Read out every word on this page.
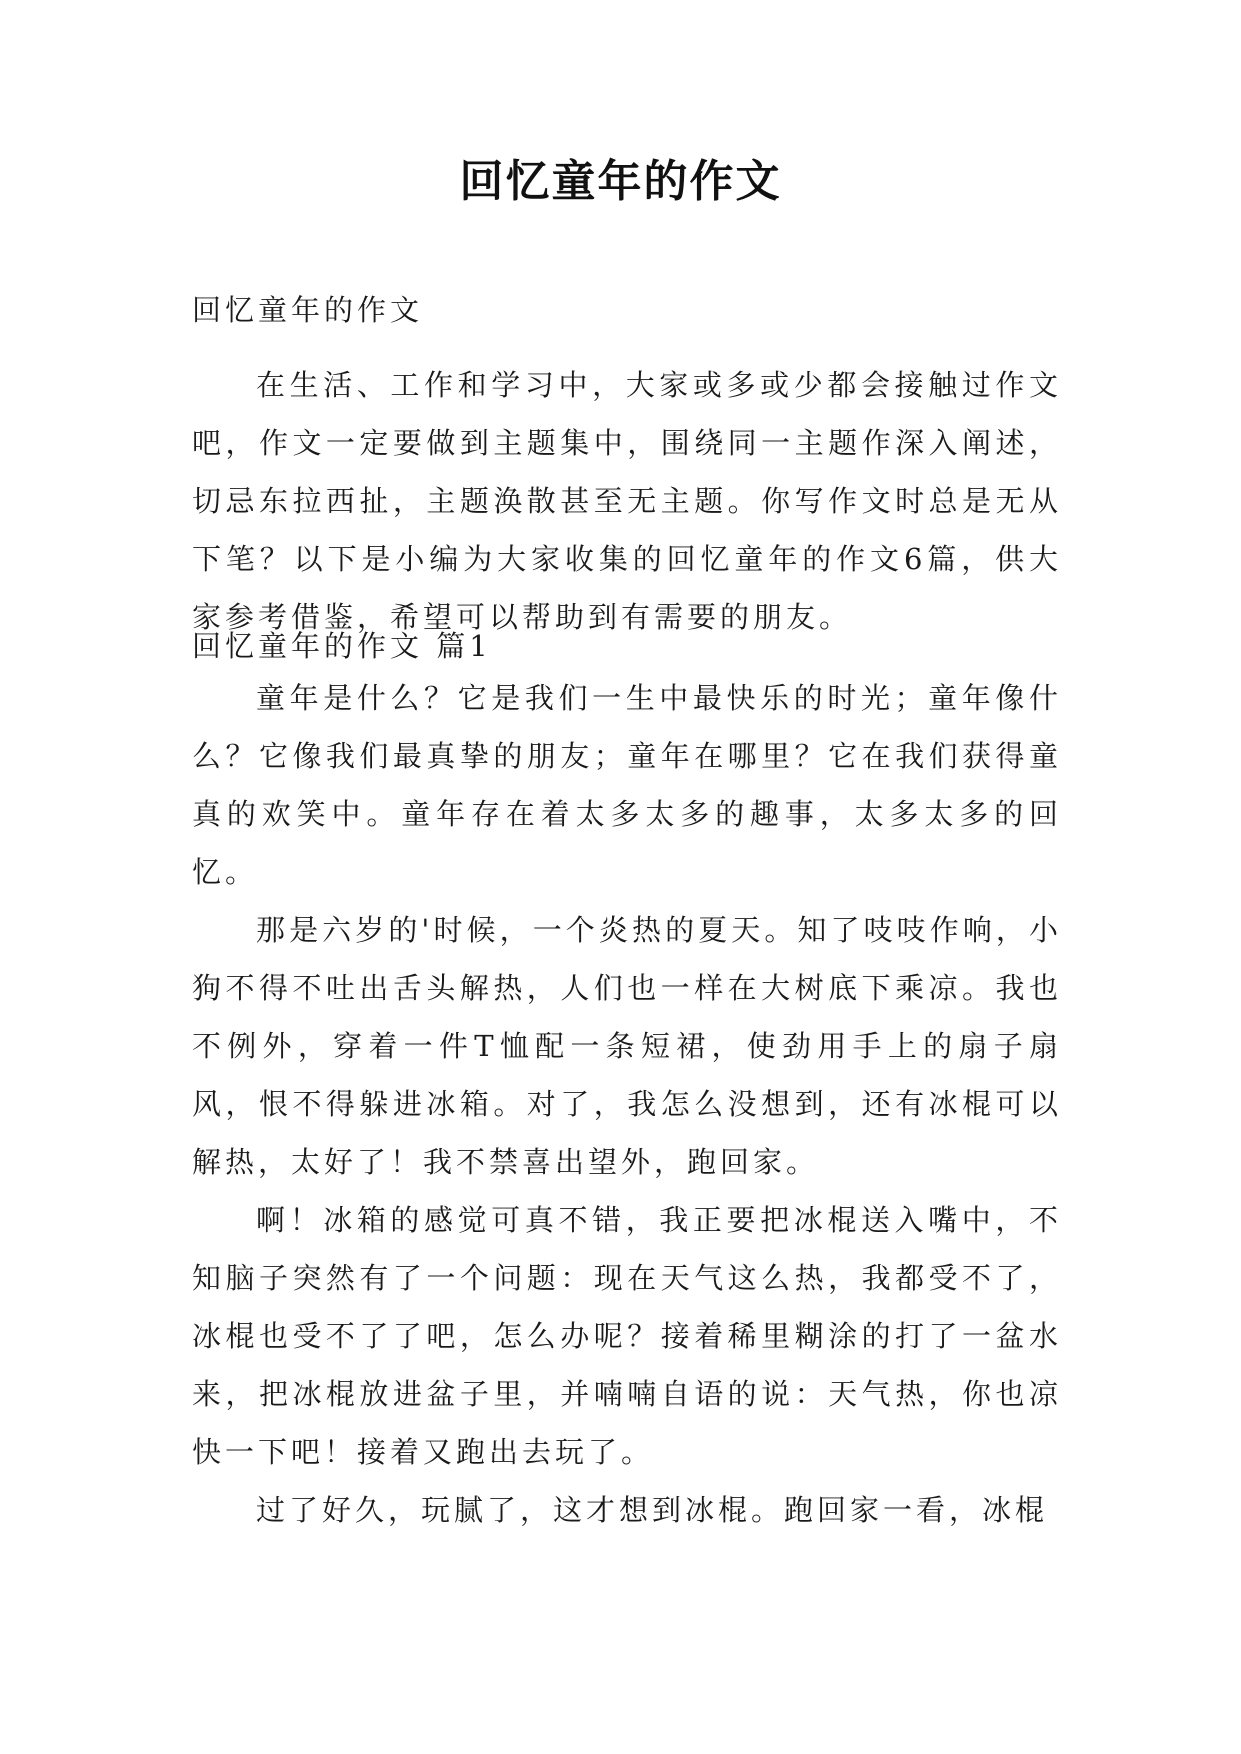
回忆童年的作文
回忆童年的作文

在生活、工作和学习中，大家或多或少都会接触过作文吧，作文一定要做到主题集中，围绕同一主题作深入阐述，切忌东拉西扯，主题涣散甚至无主题。你写作文时总是无从下笔？以下是小编为大家收集的回忆童年的作文6篇，供大家参考借鉴，希望可以帮助到有需要的朋友。

回忆童年的作文 篇1

童年是什么？它是我们一生中最快乐的时光；童年像什么？它像我们最真挚的朋友；童年在哪里？它在我们获得童真的欢笑中。童年存在着太多太多的趣事，太多太多的回忆。

那是六岁的'时候，一个炎热的夏天。知了吱吱作响，小狗不得不吐出舌头解热，人们也一样在大树底下乘凉。我也不例外，穿着一件T恤配一条短裙，使劲用手上的扇子扇风，恨不得躲进冰箱。对了，我怎么没想到，还有冰棍可以解热，太好了！我不禁喜出望外，跑回家。

啊！冰箱的感觉可真不错，我正要把冰棍送入嘴中，不知脑子突然有了一个问题：现在天气这么热，我都受不了，冰棍也受不了了吧，怎么办呢？接着稀里糊涂的打了一盆水来，把冰棍放进盆子里，并喃喃自语的说：天气热，你也凉快一下吧！接着又跑出去玩了。

过了好久，玩腻了，这才想到冰棍。跑回家一看，冰棍
